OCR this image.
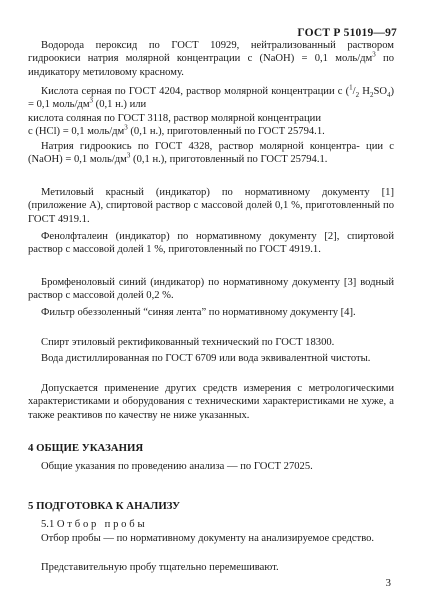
ГОСТ Р 51019—97
Водорода пероксид по ГОСТ 10929, нейтрализованный раствором гидроокиси натрия молярной концентрации c (NaOH) = 0,1 моль/$дм^3$ по индикатору метиловому красному.
Кислота серная по ГОСТ 4204, раствор молярной концентрации c ($^1/_2$ $H_2SO_4) = 0,1$ моль/$дм^3$ (0,1 н.) или
кислота соляная по ГОСТ 3118, раствор молярной концентрации
c (HCl) = 0,1 моль/$дм^3$ (0,1 н.), приготовленный по ГОСТ 25794.1.
Натрия гидроокись по ГОСТ 4328, раствор молярной концентра- ции c (NaOH) = 0,1 моль/$дм^3$ (0,1 н.), приготовленный по ГОСТ 25794.1.
Метиловый красный (индикатор) по нормативному документу [1] (приложение А), спиртовой раствор с массовой долей 0,1 %, приготовленный по ГОСТ 4919.1.
Фенолфталеин (индикатор) по нормативному документу [2], спиртовой раствор с массовой долей 1 %, приготовленный по ГОСТ 4919.1.
Бромфеноловый синий (индикатор) по нормативному документу [3] водный раствор с массовой долей 0,2 %.
Фильтр обеззоленный “синяя лента” по нормативному документу [4].
Спирт этиловый ректификованный технический по ГОСТ 18300.
Вода дистиллированная по ГОСТ 6709 или вода эквивалентной чистоты.
Допускается применение других средств измерения с метрологическими характеристиками и оборудования с техническими характеристиками не хуже, а также реактивов по качеству не ниже указанных.
4 ОБЩИЕ УКАЗАНИЯ
Общие указания по проведению анализа — по ГОСТ 27025.
5 ПОДГОТОВКА К АНАЛИЗУ
5.1 Отбор пробы
Отбор пробы — по нормативному документу на анализируемое средство.
Представительную пробу тщательно перемешивают.
3
